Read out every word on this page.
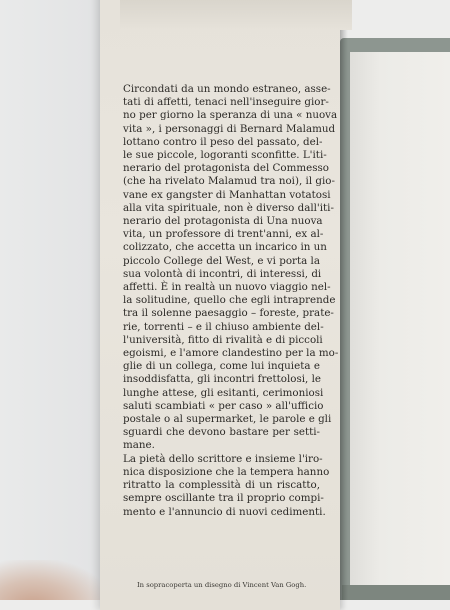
Circondati da un mondo estraneo, asse-
tati di affetti, tenaci nell'inseguire gior-
no per giorno la speranza di una « nuova
vita », i personaggi di Bernard Malamud
lottano contro il peso del passato, del-
le sue piccole, logoranti sconfitte. L'iti-
nerario del protagonista del Commesso
(che ha rivelato Malamud tra noi), il gio-
vane ex gangster di Manhattan votatosi
alla vita spirituale, non è diverso dall'iti-
nerario del protagonista di Una nuova
vita, un professore di trent'anni, ex al-
colizzato, che accetta un incarico in un
piccolo College del West, e vi porta la
sua volontà di incontri, di interessi, di
affetti. È in realtà un nuovo viaggio nel-
la solitudine, quello che egli intraprende
tra il solenne paesaggio – foreste, prate-
rie, torrenti – e il chiuso ambiente del-
l'università, fitto di rivalità e di piccoli
egoismi, e l'amore clandestino per la mo-
glie di un collega, come lui inquieta e
insoddisfatta, gli incontri frettolosi, le
lunghe attese, gli esitanti, cerimoniosi
saluti scambiati « per caso » all'ufficio
postale o al supermarket, le parole e gli
sguardi che devono bastare per setti-
mane.

La pietà dello scrittore e insieme l'iro-
nica disposizione che la tempera hanno
ritratto la complessità di un riscatto,
sempre oscillante tra il proprio compi-
mento e l'annuncio di nuovi cedimenti.

In sopracoperta un disegno di Vincent Van Gogh.
